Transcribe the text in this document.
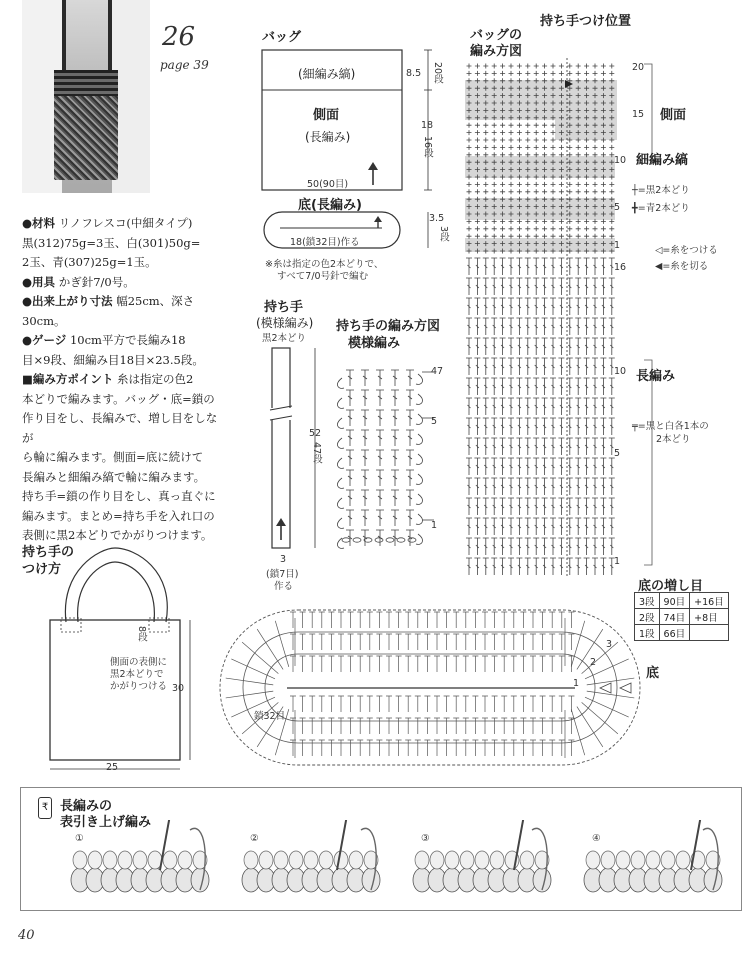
26
page 39

●材料 リノフレスコ(中細タイプ)

黒(312)75g=3玉、白(301)50g=

2玉、青(307)25g=1玉。

●用具 かぎ針7/0号。

●出来上がり寸法 幅25cm、深さ

30cm。

●ゲージ 10cm平方で長編み18

目×9段、細編み目18目×23.5段。

■編み方ポイント 糸は指定の色2

本どりで編みます。バッグ・底=鎖の

作り目をし、長編みで、増し目をしなが

ら輪に編みます。側面=底に続けて

長編みと細編み縞で輪に編みます。

持ち手=鎖の作り目をし、真っ直ぐに

編みます。まとめ=持ち手を入れ口の

表側に黒2本どりでかがりつけます。

バッグ
(細編み縞)
側面
(長編み)
50(90目)
8.5 20段
18
16段
底(長編み)
18(鎖32目)作る
3.5
3段
※糸は指定の色2本どりで、
すべて7/0号針で編む
持ち手
(模様編み)
黒2本どり
52
47段
3
(鎖7目)
作る
持ち手の編み方図
模様編み
47
5
1
バッグの
編み方図
持ち手つけ位置
20
15
10
5
1
16
10
5
1
側面
細編み縞
┼=黒2本どり
╋=青2本どり
◁=糸をつける
◀=糸を切る
長編み
╤=黒と白各1本の
2本どり
底の増し目
3段	90目	+16目
2段	74目	+8目
1段	66目	
底
鎖32目
1
2
3
持ち手の
つけ方
8段
側面の表側に
黒2本どりで
かがりつける 30
25
₹ 長編みの
表引き上げ編み
①	②	③	④
40
